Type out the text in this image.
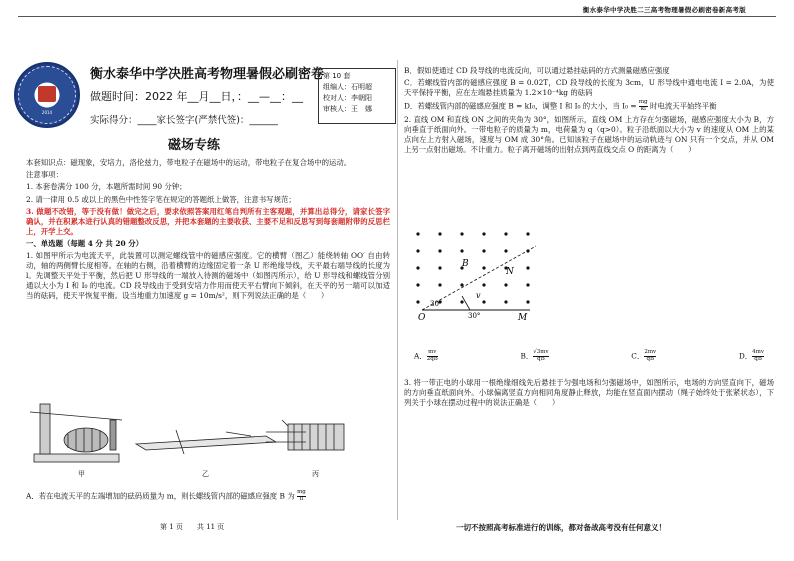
衡水泰华中学决胜二三高考物理暑假必刷密卷新高考版
2014
衡水泰华中学决胜高考物理暑假必刷密卷
做题时间：2022 年__月__日，：__—__：__
实际得分：____家长签字(严禁代签)：______
第 10 套
组编人：石明超
校对人：李朝阳
审核人：王　娜
磁场专练

本套知识点：磁现象，安培力，洛伦兹力，带电粒子在磁场中的运动，带电粒子在复合场中的运动。

注意事项：

1. 本套卷满分 100 分，本题所需时间 90 分钟；

2. 请一律用 0.5 或以上的黑色中性签字笔在规定的答题纸上做答，注意书写规范；

3. 做题不改错，等于没有做！做完之后，要求依照答案用红笔自判所有主客观题，并算出总得分，请家长签字确认，并在积累本进行认真的错题整改反思，并把本套题的主要收获、主要不足和反思写到每套题附带的反思栏上，开学上交。

一、单选题（每题 4 分 共 20 分）

1. 如图甲所示为电流天平，此装置可以测定螺线管中的磁感应强度。它的横臂（图乙）能绕转轴 OO′ 自由转动，轴的两侧臂长度相等。在轴的右侧，沿着横臂的边缘固定着一条 U 形绝缘导线，天平最右端导线的长度为 l。先调整天平处于平衡，然后把 U 形导线的一端放入待测的磁场中（如图丙所示），给 U 形导线和螺线管分别通以大小为 I 和 I₀ 的电流。CD 段导线由于受到安培力作用而使天平右臂向下倾斜，在天平的另一端可以加适当的砝码，使天平恢复平衡。设当地重力加速度 g = 10m/s²，则下列说法正确的是（　　）

甲	乙	丙
A．若在电流天平的左端增加的砝码质量为 m，则长螺线管内部的磁感应强度 B 为 $\frac{mg}{Il}$

B．假如使通过 CD 段导线的电流反向，可以通过悬挂砝码的方式测量磁感应强度

C．若螺线管内部的磁感应强度 B = 0.02T，CD 段导线的长度为 3cm，U 形导线中通电电流 I = 2.0A，为使天平保持平衡，应在左端悬挂质量为 1.2×10⁻⁴kg 的砝码

D．若螺线管内部的磁感应强度 B = kI₀，调整 I 和 I₀ 的大小，当 $I_0 = \frac{mg}{kl}$ 时电流天平始终平衡

2. 直线 OM 和直线 ON 之间的夹角为 30°，如图所示，直线 OM 上方存在匀强磁场，磁感应强度大小为 B，方向垂直于纸面向外。一带电粒子的质量为 m，电荷量为 q（q>0）。粒子沿纸面以大小为 v 的速度从 OM 上的某点向左上方射入磁场，速度与 OM 成 30°角。已知该粒子在磁场中的运动轨迹与 ON 只有一个交点，并从 OM 上另一点射出磁场。不计重力。粒子离开磁场的出射点到两直线交点 O 的距离为（　　）

B
N
O	M
v
30°
30°
A． $\frac{mv}{2qB}$	B． $\frac{√3mv}{qB}$	C． $\frac{2mv}{qB}$	D． $\frac{4mv}{qB}$

3. 将一带正电的小球用一根绝缘细线先后悬挂于匀强电场和匀强磁场中，如图所示，电场的方向竖直向下，磁场的方向垂直纸面向外。小球偏离竖直方向相同角度静止释放，均能在竖直面内摆动（绳子始终处于张紧状态），下列关于小球在摆动过程中的说法正确是（　　）

第 1 页　　共 11 页	一切不按照高考标准进行的训练，都对备战高考没有任何意义！
